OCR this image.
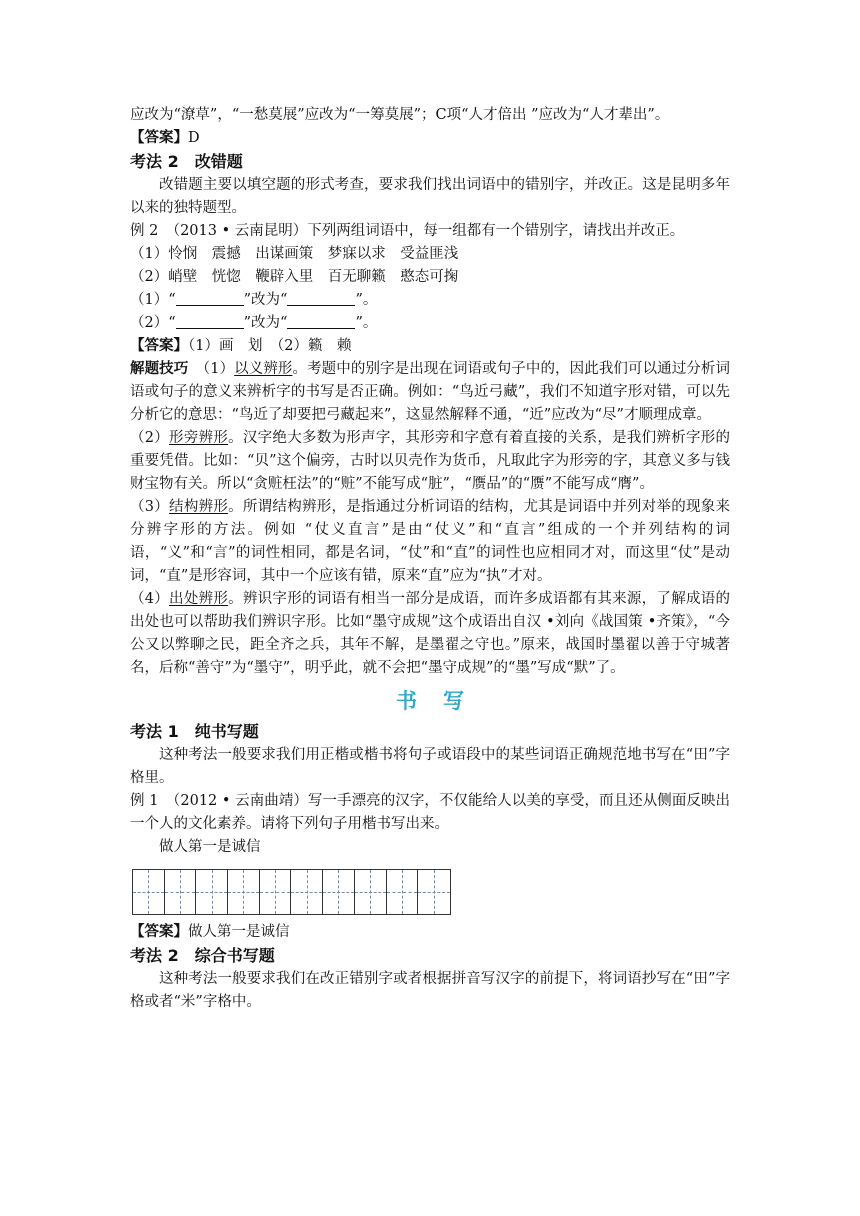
应改为“潦草”，“一愁莫展”应改为“一筹莫展”；C项“人才倍出 ”应改为“人才辈出”。

【答案】D

考法 2　改错题

改错题主要以填空题的形式考查，要求我们找出词语中的错别字，并改正。这是昆明多年以来的独特题型。

例 2　（2013 • 云南昆明）下列两组词语中，每一组都有一个错别字，请找出并改正。

（1）怜悯　震撼　出谋画策　梦寐以求　受益匪浅

（2）峭壁　恍惚　鞭辟入里　百无聊籁　憨态可掬

（1）“	”改为“	”。

（2）“	”改为“	”。

【答案】（1）画　划　（2）籁　赖

解题技巧　（1）以义辨形。考题中的别字是出现在词语或句子中的，因此我们可以通过分析词语或句子的意义来辨析字的书写是否正确。例如：“鸟近弓藏”，我们不知道字形对错，可以先分析它的意思：“鸟近了却要把弓藏起来”，这显然解释不通，“近”应改为“尽”才顺理成章。

（2）形旁辨形。汉字绝大多数为形声字，其形旁和字意有着直接的关系，是我们辨析字形的重要凭借。比如：“贝”这个偏旁，古时以贝壳作为货币，凡取此字为形旁的字，其意义多与钱财宝物有关。所以“贪赃枉法”的“赃”不能写成“脏”，“赝品”的“赝”不能写成“膺”。

（3）结构辨形。所谓结构辨形，是指通过分析词语的结构，尤其是词语中并列对举的现象来分辨字形的方法。例如 “仗义直言”是由“仗义”和“直言”组成的一个并列结构的词语，“义”和“言”的词性相同，都是名词，“仗”和“直”的词性也应相同才对，而这里“仗”是动词，“直”是形容词，其中一个应该有错，原来“直”应为“执”才对。

（4）出处辨形。辨识字形的词语有相当一部分是成语，而许多成语都有其来源，了解成语的出处也可以帮助我们辨识字形。比如“墨守成规”这个成语出自汉 •刘向《战国策 •齐策》，“今公又以弊聊之民，距全齐之兵，其年不解，是墨翟之守也。”原来，战国时墨翟以善于守城著名，后称“善守”为“墨守”，明乎此，就不会把“墨守成规”的“墨”写成“默”了。

书写

考法 1　纯书写题

这种考法一般要求我们用正楷或楷书将句子或语段中的某些词语正确规范地书写在“田”字格里。

例 1　（2012 • 云南曲靖）写一手漂亮的汉字，不仅能给人以美的享受，而且还从侧面反映出一个人的文化素养。请将下列句子用楷书写出来。

做人第一是诚信

【答案】做人第一是诚信

考法 2　综合书写题

这种考法一般要求我们在改正错别字或者根据拼音写汉字的前提下，将词语抄写在“田”字格或者“米”字格中。
